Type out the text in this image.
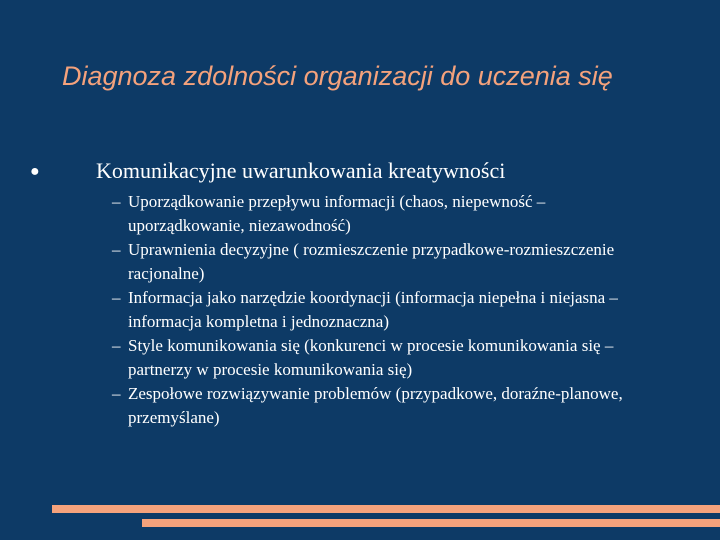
Diagnoza zdolności organizacji do uczenia się

●	Komunikacyjne uwarunkowania kreatywności

– Uporządkowanie przepływu informacji (chaos, niepewność – uporządkowanie, niezawodność)
– Uprawnienia decyzyjne ( rozmieszczenie przypadkowe-rozmieszczenie racjonalne)
– Informacja jako narzędzie koordynacji (informacja niepełna i niejasna – informacja kompletna i jednoznaczna)
– Style komunikowania się (konkurenci w procesie komunikowania się – partnerzy w procesie komunikowania się)
– Zespołowe rozwiązywanie problemów (przypadkowe, doraźne-planowe, przemyślane)
